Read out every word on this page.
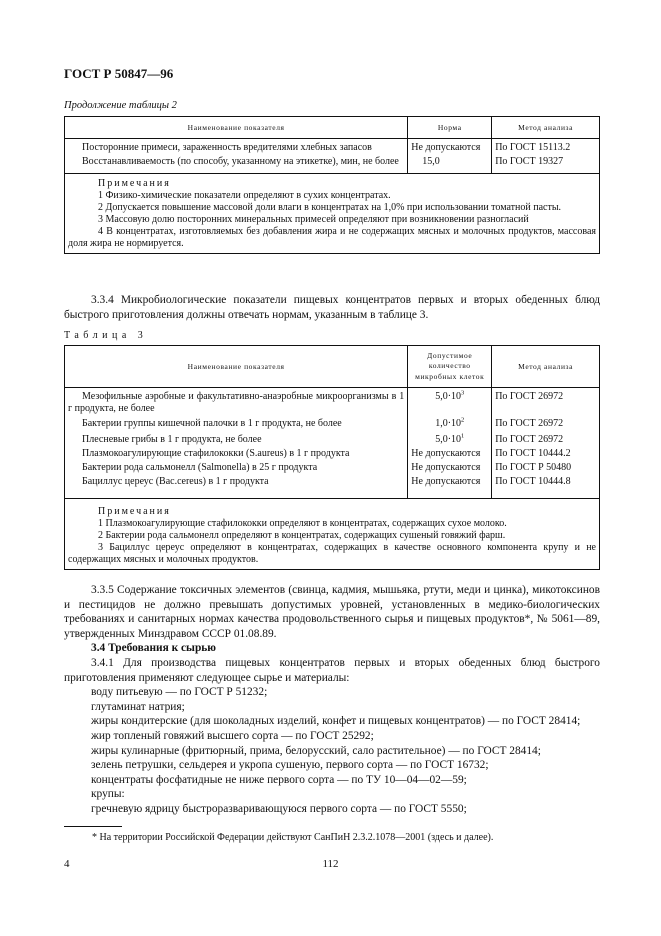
ГОСТ Р 50847—96
Продолжение таблицы 2
Наименование показателя	Норма	Метод анализа
Посторонние примеси, зараженность вредителями хлебных запасов	Не допускаются	По ГОСТ 15113.2
Восстанавливаемость (по способу, указанному на этикетке), мин, не более	15,0	По ГОСТ 19327

Примечания
1 Физико-химические показатели определяют в сухих концентратах.
2 Допускается повышение массовой доли влаги в концентратах на 1,0% при использовании томатной пасты.
3 Массовую долю посторонних минеральных примесей определяют при возникновении разногласий
4 В концентратах, изготовляемых без добавления жира и не содержащих мясных и молочных продуктов, массовая доля жира не нормируется.		

3.3.4 Микробиологические показатели пищевых концентратов первых и вторых обеденных блюд быстрого приготовления должны отвечать нормам, указанным в таблице 3.

Таблица 3
Наименование показателя	Допустимое количество микробных клеток	Метод анализа
Мезофильные аэробные и факультативно-анаэробные микроорганизмы в 1 г продукта, не более	$5,0\cdot 10^3$	По ГОСТ 26972
Бактерии группы кишечной палочки в 1 г продукта, не более	$1,0\cdot 10^2$	По ГОСТ 26972
Плесневые грибы в 1 г продукта, не более	$5,0\cdot 10^1$	По ГОСТ 26972
Плазмокоагулирующие стафилококки (S.aureus) в 1 г продукта	Не допускаются	По ГОСТ 10444.2
Бактерии рода сальмонелл (Salmonella) в 25 г продукта	Не допускаются	По ГОСТ Р 50480
Бациллус цереус (Bac.cereus) в 1 г продукта	Не допускаются	По ГОСТ 10444.8

Примечания
1 Плазмокоагулирующие стафилококки определяют в концентратах, содержащих сухое молоко.
2 Бактерии рода сальмонелл определяют в концентратах, содержащих сушеный говяжий фарш.
3 Бациллус цереус определяют в концентратах, содержащих в качестве основного компонента крупу и не содержащих мясных и молочных продуктов.		

3.3.5 Содержание токсичных элементов (свинца, кадмия, мышьяка, ртути, меди и цинка), микотоксинов и пестицидов не должно превышать допустимых уровней, установленных в медико-биологических требованиях и санитарных нормах качества продовольственного сырья и пищевых продуктов*, № 5061—89, утвержденных Минздравом СССР 01.08.89.

3.4 Требования к сырью

3.4.1 Для производства пищевых концентратов первых и вторых обеденных блюд быстрого приготовления применяют следующее сырье и материалы:

воду питьевую — по ГОСТ Р 51232;

глутаминат натрия;

жиры кондитерские (для шоколадных изделий, конфет и пищевых концентратов) — по ГОСТ 28414;

жир топленый говяжий высшего сорта — по ГОСТ 25292;

жиры кулинарные (фритюрный, прима, белорусский, сало растительное) — по ГОСТ 28414;

зелень петрушки, сельдерея и укропа сушеную, первого сорта — по ГОСТ 16732;

концентраты фосфатидные не ниже первого сорта — по ТУ 10—04—02—59;

крупы:

гречневую ядрицу быстроразваривающуюся первого сорта — по ГОСТ 5550;

* На территории Российской Федерации действуют СанПиН 2.3.2.1078—2001 (здесь и далее).
4	112
